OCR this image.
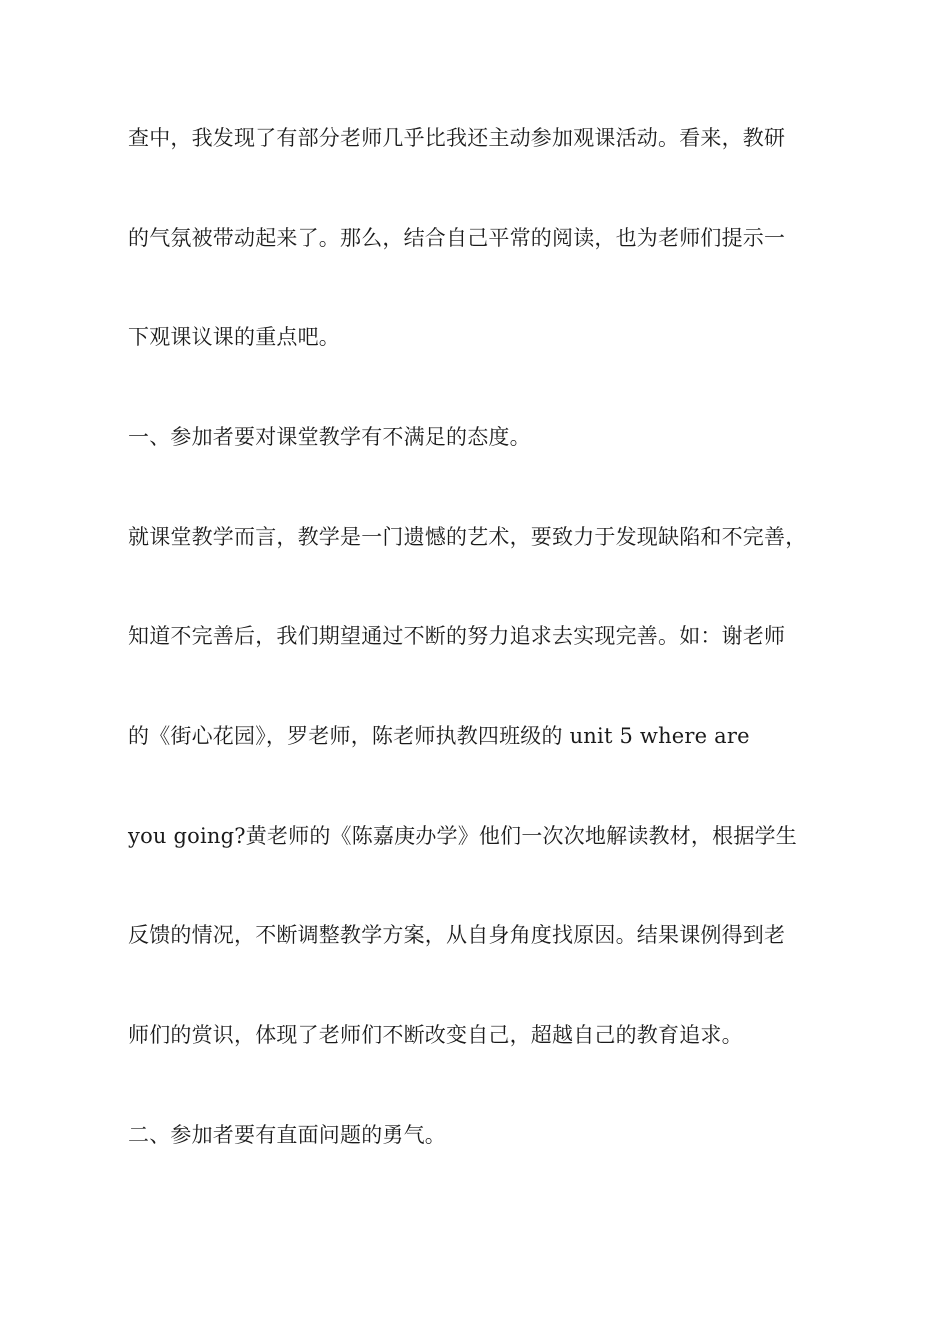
查中，我发现了有部分老师几乎比我还主动参加观课活动。看来，教研
的气氛被带动起来了。那么，结合自己平常的阅读，也为老师们提示一
下观课议课的重点吧。
一、参加者要对课堂教学有不满足的态度。
就课堂教学而言，教学是一门遗憾的艺术，要致力于发现缺陷和不完善，
知道不完善后，我们期望通过不断的努力追求去实现完善。如：谢老师
的《街心花园》，罗老师，陈老师执教四班级的 unit 5 where are
you going?黄老师的《陈嘉庚办学》他们一次次地解读教材，根据学生
反馈的情况，不断调整教学方案，从自身角度找原因。结果课例得到老
师们的赏识，体现了老师们不断改变自己，超越自己的教育追求。
二、参加者要有直面问题的勇气。
